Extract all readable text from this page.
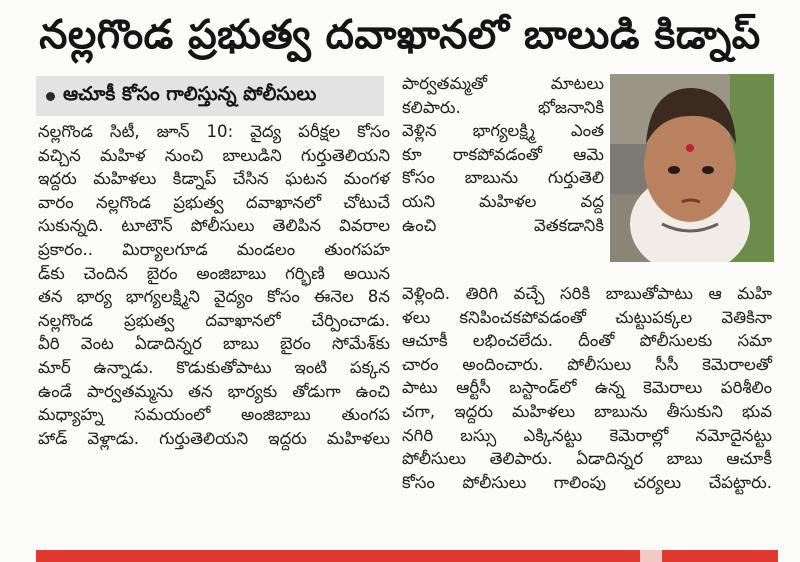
నల్లగొండ ప్రభుత్వ దవాఖానలో బాలుడి కిడ్నాప్
ఆచూకీ కోసం గాలిస్తున్న పోలీసులు
నల్లగొండ సిటీ, జూన్ 10: వైద్య పరీక్షల కోసం
వచ్చిన మహిళ నుంచి బాలుడిని గుర్తుతెలియని
ఇద్దరు మహిళలు కిడ్నాప్ చేసిన ఘటన మంగళ
వారం నల్లగొండ ప్రభుత్వ దవాఖానలో చోటుచే
సుకున్నది. టూటౌన్ పోలీసులు తెలిపిన వివరాల
ప్రకారం.. మిర్యాలగూడ మండలం తుంగపహ
డ్‌కు చెందిన బైరం అంజిబాబు గర్భిణి అయిన
తన భార్య భాగ్యలక్ష్మిని వైద్యం కోసం ఈనెల 8న
నల్లగొండ ప్రభుత్వ దవాఖానలో చేర్పించాడు.
వీరి వెంట ఏడాదిన్నర బాబు బైరం సోమేశ్‌కు
మార్ ఉన్నాడు. కొడుకుతోపాటు ఇంటి పక్కన
ఉండే పార్వతమ్మను తన భార్యకు తోడుగా ఉంచి
మధ్యాహ్న సమయంలో అంజిబాబు తుంగప
హాడ్ వెళ్లాడు. గుర్తుతెలియని ఇద్దరు మహిళలు
పార్వతమ్మతో మాటలు
కలిపారు. భోజనానికి
వెళ్లిన భాగ్యలక్ష్మి ఎంత
కూ రాకపోవడంతో ఆమె
కోసం బాబును గుర్తుతెలి
యని మహిళల వద్ద
ఉంచి వెతకడానికి
వెళ్లింది. తిరిగి వచ్చే సరికి బాబుతోపాటు ఆ మహి
ళలు కనిపించకపోవడంతో చుట్టుపక్కల వెతికినా
ఆచూకీ లభించలేదు. దీంతో పోలీసులకు సమా
చారం అందించారు. పోలీసులు సీసీ కెమెరాలతో
పాటు ఆర్టీసీ బస్టాండ్‌లో ఉన్న కెమెరాలు పరిశీలిం
చగా, ఇద్దరు మహిళలు బాబును తీసుకుని భువ
నగిరి బస్సు ఎక్కినట్టు కెమెరాల్లో నమోదైనట్టు
పోలీసులు తెలిపారు. ఏడాదిన్నర బాబు ఆచూకీ
కోసం పోలీసులు గాలింపు చర్యలు చేపట్టారు.
